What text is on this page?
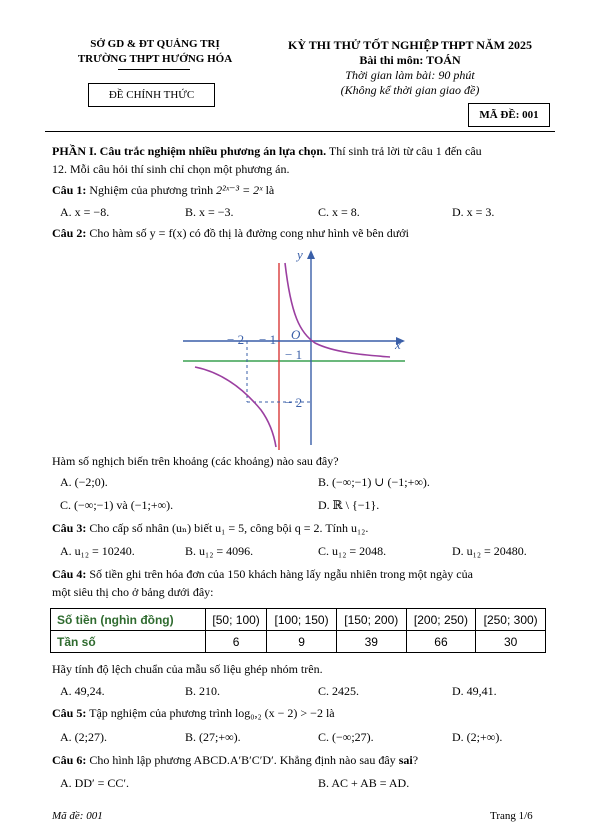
SỞ GD & ĐT QUẢNG TRỊ
TRƯỜNG THPT HƯỚNG HÓA
ĐỀ CHÍNH THỨC
KỲ THI THỬ TỐT NGHIỆP THPT NĂM 2025
Bài thi môn: TOÁN
Thời gian làm bài: 90 phút
(Không kể thời gian giao đề)
MÃ ĐỀ: 001
PHẦN I. Câu trắc nghiệm nhiều phương án lựa chọn. Thí sinh trả lời từ câu 1 đến câu
12. Mỗi câu hỏi thí sinh chỉ chọn một phương án.
Câu 1: Nghiệm của phương trình 2²ˣ⁻³ = 2ˣ là
A. x = −8.	B. x = −3.	C. x = 8.	D. x = 3.
Câu 2: Cho hàm số y = f(x) có đồ thị là đường cong như hình vẽ bên dưới
y
x
O
− 2 − 1
− 1
− 2
Hàm số nghịch biến trên khoảng (các khoảng) nào sau đây?
A. (−2;0).	B. (−∞;−1) ∪ (−1;+∞).
C. (−∞;−1) và (−1;+∞).	D. ℝ \ {−1}.
Câu 3: Cho cấp số nhân (uₙ) biết u₁ = 5, công bội q = 2. Tính u₁₂.
A. u₁₂ = 10240.	B. u₁₂ = 4096.	C. u₁₂ = 2048.	D. u₁₂ = 20480.
Câu 4: Số tiền ghi trên hóa đơn của 150 khách hàng lấy ngẫu nhiên trong một ngày của
một siêu thị cho ở bảng dưới đây:
Số tiền (nghìn đồng)	[50; 100)	[100; 150)	[150; 200)	[200; 250)	[250; 300)
Tần số	6	9	39	66	30
Hãy tính độ lệch chuẩn của mẫu số liệu ghép nhóm trên.
A. 49,24.	B. 210.	C. 2425.	D. 49,41.
Câu 5: Tập nghiệm của phương trình log₀,₂ (x − 2) > −2 là
A. (2;27).	B. (27;+∞).	C. (−∞;27).	D. (2;+∞).
Câu 6: Cho hình lập phương ABCD.A′B′C′D′. Khẳng định nào sau đây sai?
A. DD′ = CC′.	B. AC + AB = AD.
Mã đề: 001	Trang 1/6
